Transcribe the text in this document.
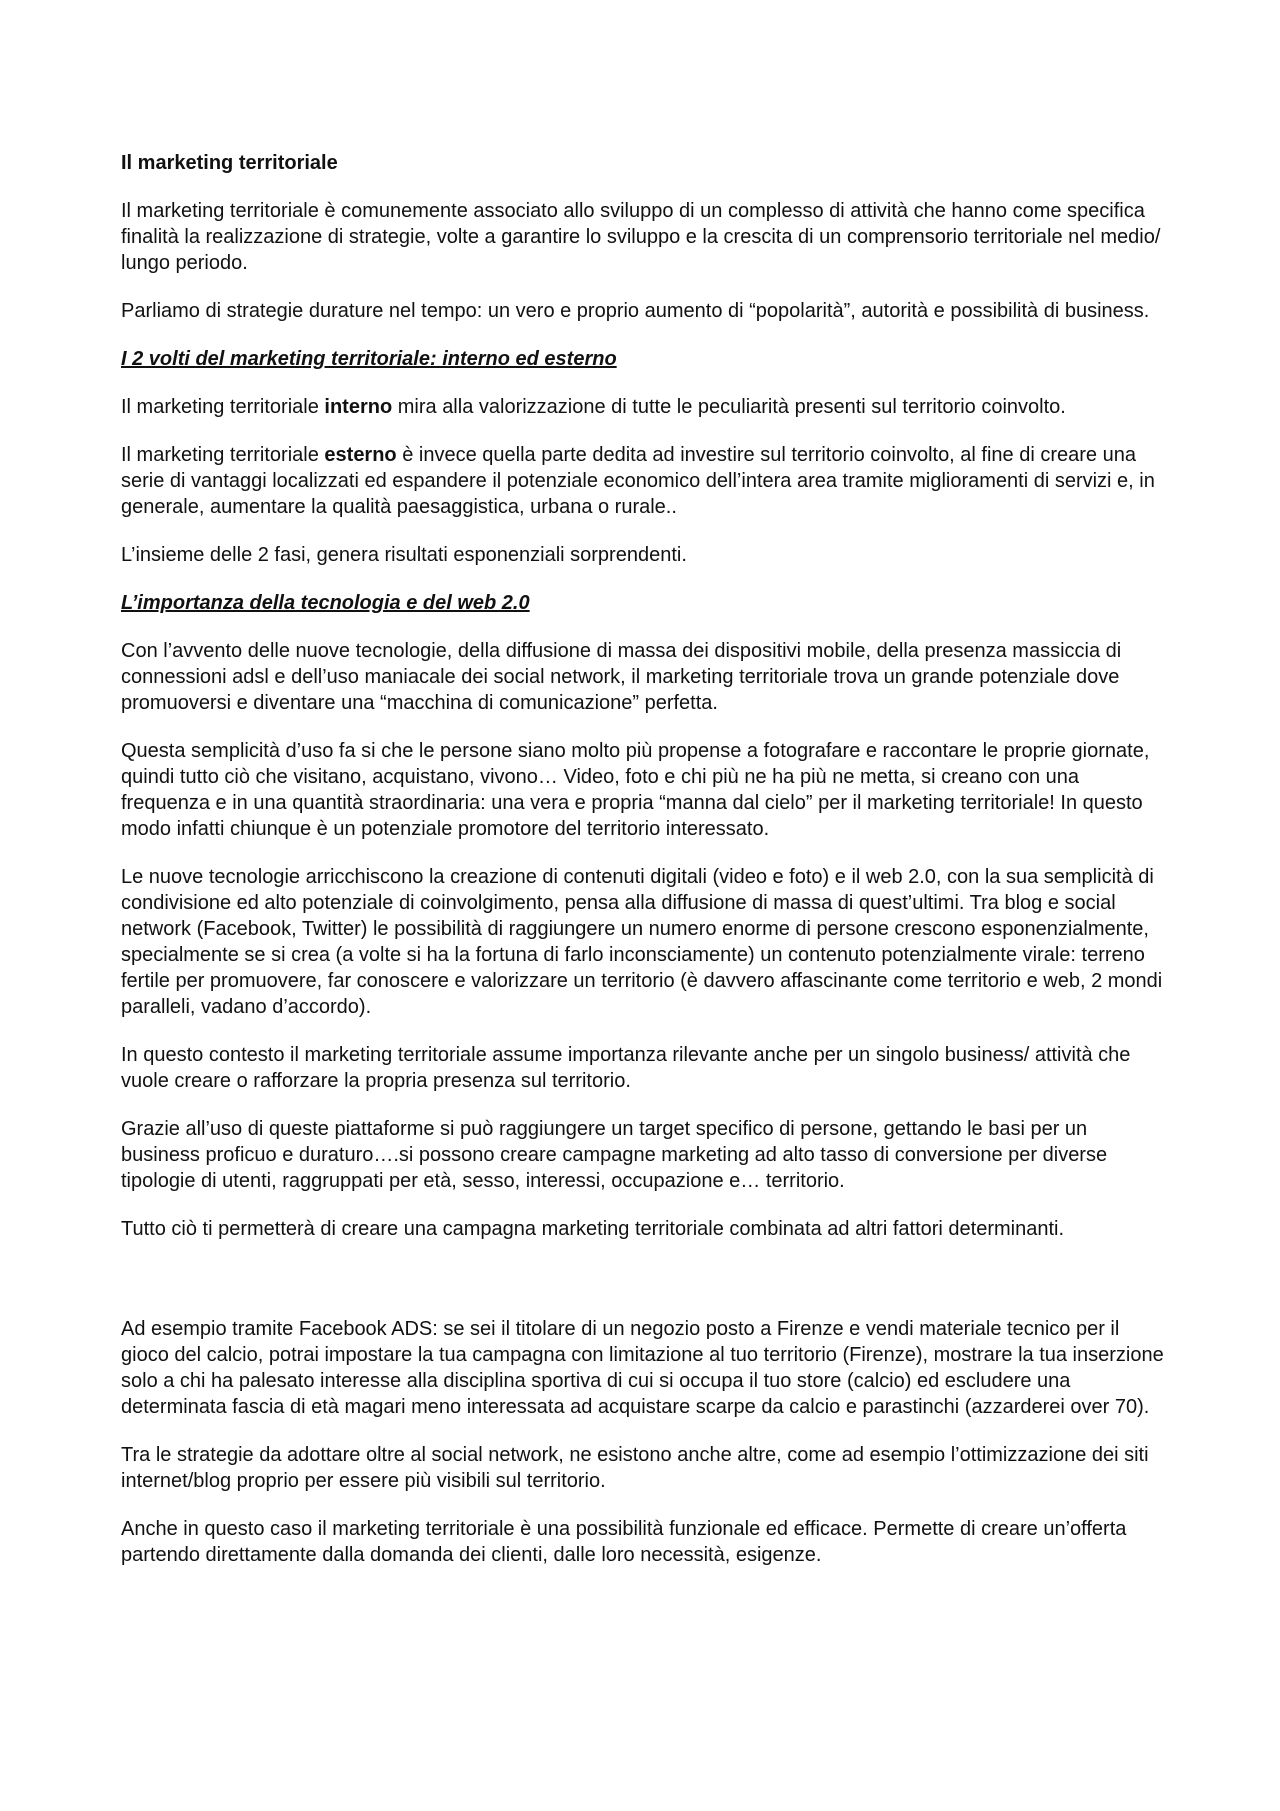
Il marketing territoriale

Il marketing territoriale è comunemente associato allo sviluppo di un complesso di attività che hanno come specifica finalità la realizzazione di strategie, volte a garantire lo sviluppo e la crescita di un comprensorio territoriale nel medio/ lungo periodo.

Parliamo di strategie durature nel tempo: un vero e proprio aumento di “popolarità”, autorità e possibilità di business.

I 2 volti del marketing territoriale: interno ed esterno

Il marketing territoriale interno mira alla valorizzazione di tutte le peculiarità presenti sul territorio coinvolto.

Il marketing territoriale esterno è invece quella parte dedita ad investire sul territorio coinvolto, al fine di creare una serie di vantaggi localizzati ed espandere il potenziale economico dell’intera area tramite miglioramenti di servizi e, in generale, aumentare la qualità paesaggistica, urbana o rurale..

L’insieme delle 2 fasi, genera risultati esponenziali sorprendenti.

L’importanza della tecnologia e del web 2.0

Con l’avvento delle nuove tecnologie, della diffusione di massa dei dispositivi mobile, della presenza massiccia di connessioni adsl e dell’uso maniacale dei social network, il marketing territoriale trova un grande potenziale dove promuoversi e diventare una “macchina di comunicazione” perfetta.

Questa semplicità d’uso fa si che le persone siano molto più propense a fotografare e raccontare le proprie giornate, quindi tutto ciò che visitano, acquistano, vivono… Video, foto e chi più ne ha più ne metta, si creano con una frequenza e in una quantità straordinaria: una vera e propria “manna dal cielo” per il marketing territoriale! In questo modo infatti chiunque è un potenziale promotore del territorio interessato.

Le nuove tecnologie arricchiscono la creazione di contenuti digitali (video e foto) e il web 2.0, con la sua semplicità di condivisione ed alto potenziale di coinvolgimento, pensa alla diffusione di massa di quest’ultimi. Tra blog e social network (Facebook, Twitter) le possibilità di raggiungere un numero enorme di persone crescono esponenzialmente, specialmente se si crea (a volte si ha la fortuna di farlo inconsciamente) un contenuto potenzialmente virale: terreno fertile per promuovere, far conoscere e valorizzare un territorio (è davvero affascinante come territorio e web, 2 mondi paralleli, vadano d’accordo).

In questo contesto il marketing territoriale assume importanza rilevante anche per un singolo business/ attività che vuole creare o rafforzare la propria presenza sul territorio.

Grazie all’uso di queste piattaforme si può raggiungere un target specifico di persone, gettando le basi per un business proficuo e duraturo….si possono creare campagne marketing ad alto tasso di conversione per diverse tipologie di utenti, raggruppati per età, sesso, interessi, occupazione e… territorio.

Tutto ciò ti permetterà di creare una campagna marketing territoriale combinata ad altri fattori determinanti.

Ad esempio tramite Facebook ADS: se sei il titolare di un negozio posto a Firenze e vendi materiale tecnico per il gioco del calcio, potrai impostare la tua campagna con limitazione al tuo territorio (Firenze), mostrare la tua inserzione solo a chi ha palesato interesse alla disciplina sportiva di cui si occupa il tuo store (calcio) ed escludere una determinata fascia di età magari meno interessata ad acquistare scarpe da calcio e parastinchi (azzarderei over 70).

Tra le strategie da adottare oltre al social network, ne esistono anche altre, come ad esempio l’ottimizzazione dei siti internet/blog proprio per essere più visibili sul territorio.

Anche in questo caso il marketing territoriale è una possibilità funzionale ed efficace. Permette di creare un’offerta partendo direttamente dalla domanda dei clienti, dalle loro necessità, esigenze.
